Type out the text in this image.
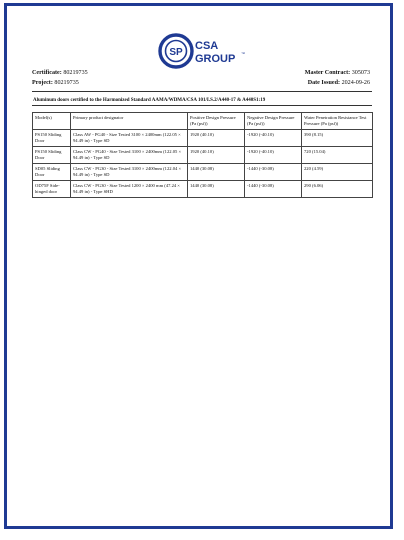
SP
CSA
GROUP ™
Certificate: 80219735	Master Contract: 305073
Project: 80219735	Date Issued: 2024-09-26
Aluminum doors certified to the Harmonized Standard AAMA/WDMA/CSA 101/I.S.2/A440-17 & A440S1:19
Model(s)	Primary product designator	Positive Design Pressure (Pa (psf))	Negative Design Pressure (Pa (psf))	Water Penetration Resistance Test Pressure (Pa (psf))
PS150 Sliding Door	Class AW - PG40 - Size Tested 3100 × 2400mm (122.05 × 94.49 in) - Type SD	1920 (40.10)	-1920 (-40.10)	390 (8.15)
PS150 Sliding Door	Class CW - PG40 - Size Tested 3100 × 2400mm (122.05 × 94.49 in) - Type SD	1920 (40.10)	-1920 (-40.10)	720 (15.04)
SD05 Sliding Door	Class CW - PG30 - Size Tested 3100 × 2400mm (122.04 × 94.49 in) - Type SD	1440 (30.08)	-1440 (-30.08)	220 (4.59)
OD75F Side-hinged door	Class CW - PG30 - Size Tested 1200 × 2400 mm (47.24 × 94.49 in) - Type SHD	1440 (30.08)	-1440 (-30.08)	290 (6.06)
